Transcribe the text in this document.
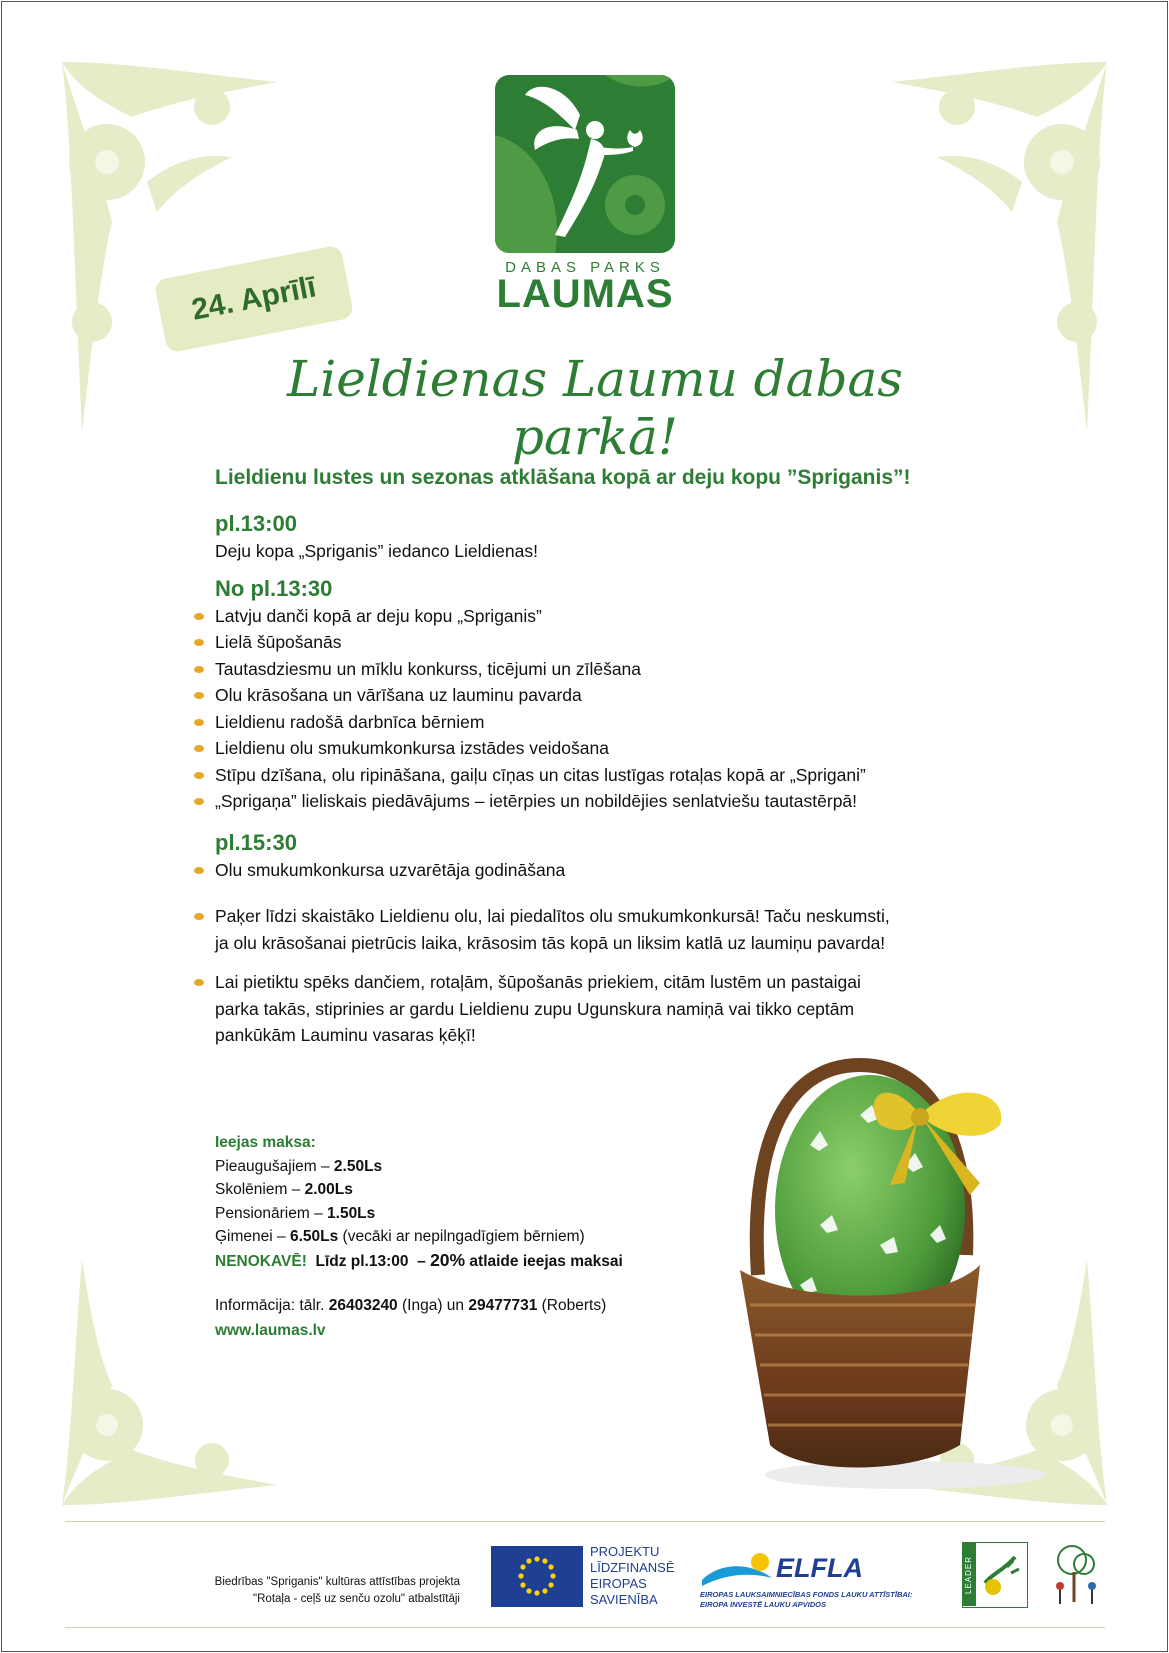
DABAS PARKS
LAUMAS
24. Aprīlī
Lieldienas Laumu dabas parkā!
Lieldienu lustes un sezonas atklāšana kopā ar deju kopu ”Spriganis”!
pl.13:00
Deju kopa „Spriganis” iedanco Lieldienas!
No pl.13:30
Latvju danči kopā ar deju kopu „Spriganis”
Lielā šūpošanās
Tautasdziesmu un mīklu konkurss, ticējumi un zīlēšana
Olu krāsošana un vārīšana uz lauminu pavarda
Lieldienu radošā darbnīca bērniem
Lieldienu olu smukumkonkursa izstādes veidošana
Stīpu dzīšana, olu ripināšana, gaiļu cīņas un citas lustīgas rotaļas kopā ar „Sprigani”
„Sprigaņa” lieliskais piedāvājums – ietērpies un nobildējies senlatviešu tautastērpā!
pl.15:30
Olu smukumkonkursa uzvarētāja godināšana
Paķer līdzi skaistāko Lieldienu olu, lai piedalītos olu smukumkonkursā! Taču neskumsti,
ja olu krāsošanai pietrūcis laika, krāsosim tās kopā un liksim katlā uz laumiņu pavarda!
Lai pietiktu spēks dančiem, rotaļām, šūpošanās priekiem, citām lustēm un pastaigai
parka takās, stiprinies ar gardu Lieldienu zupu Ugunskura namiņā vai tikko ceptām
pankūkām Lauminu vasaras ķēķī!
Ieejas maksa:
Pieaugušajiem – 2.50Ls
Skolēniem – 2.00Ls
Pensionāriem – 1.50Ls
Ģimenei – 6.50Ls (vecāki ar nepilngadīgiem bērniem)
NENOKAVĒ! Līdz pl.13:00 – 20% atlaide ieejas maksai
Informācija: tālr. 26403240 (Inga) un 29477731 (Roberts)
www.laumas.lv
Biedrības "Spriganis" kultūras attīstības projekta
"Rotaļa - ceļš uz senču ozolu" atbalstītāji
PROJEKTU
LĪDZFINANSĒ
EIROPAS
SAVIENĪBA
ELFLA
EIROPAS LAUKSAIMNIECĪBAS FONDS LAUKU ATTĪSTĪBAI:
EIROPA INVESTĒ LAUKU APVIDOS
LEADER
